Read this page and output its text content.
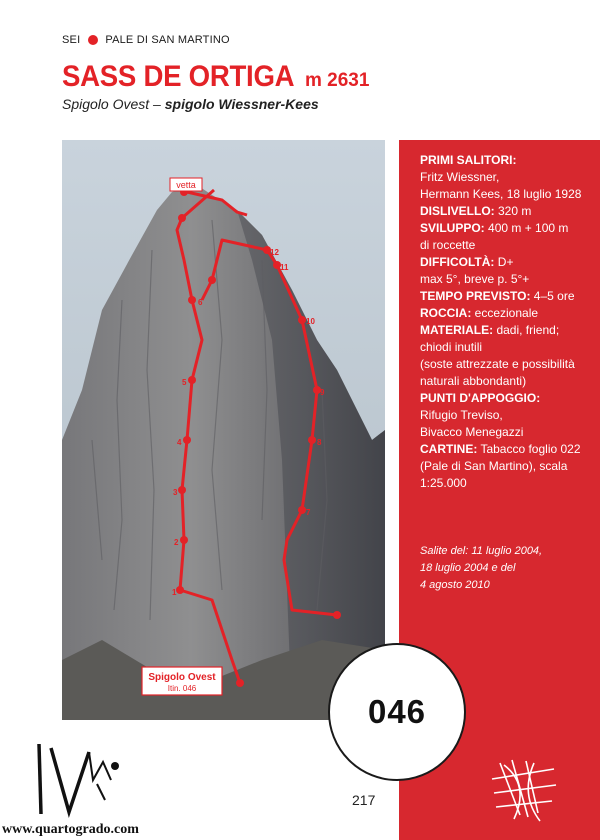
SEI PALE DI SAN MARTINO
SASS DE ORTIGA m 2631
Spigolo Ovest – spigolo Wiessner-Kees
vetta
Spigolo Ovest
Itin. 046
1
2
3
4
5
6
7
8
9
10
11
12
PRIMI SALITORI:
Fritz Wiessner,
Hermann Kees, 18 luglio 1928
DISLIVELLO: 320 m
SVILUPPO: 400 m + 100 m
di roccette
DIFFICOLTÀ: D+
max 5°, breve p. 5°+
TEMPO PREVISTO: 4–5 ore
ROCCIA: eccezionale
MATERIALE: dadi, friend;
chiodi inutili
(soste attrezzate e possibilità
naturali abbondanti)
PUNTI D'APPOGGIO:
Rifugio Treviso,
Bivacco Menegazzi
CARTINE: Tabacco foglio 022
(Pale di San Martino), scala
1:25.000
Salite del: 11 luglio 2004,
18 luglio 2004 e del
4 agosto 2010
046
217
www.quartogrado.com
